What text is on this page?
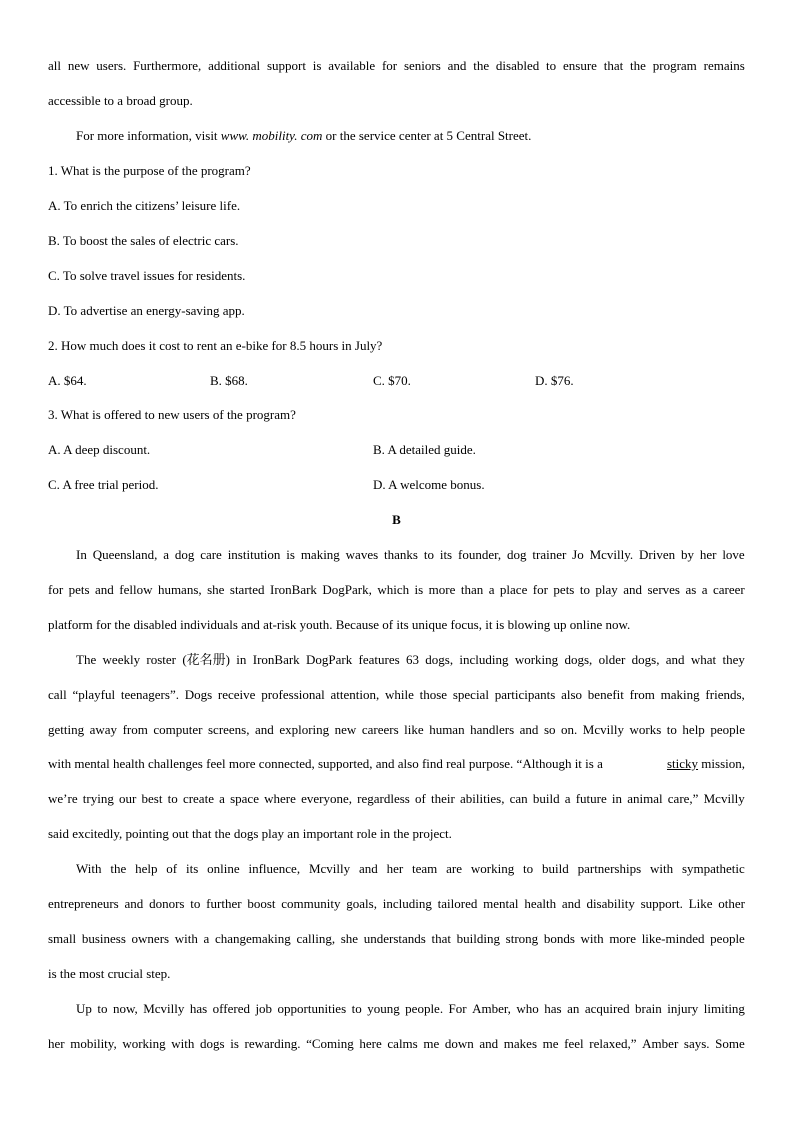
all new users. Furthermore, additional support is available for seniors and the disabled to ensure that the program remains
accessible to a broad group.
For more information, visit www. mobility. com or the service center at 5 Central Street.
1. What is the purpose of the program?
A. To enrich the citizens’ leisure life.
B. To boost the sales of electric cars.
C. To solve travel issues for residents.
D. To advertise an energy-saving app.
2. How much does it cost to rent an e-bike for 8.5 hours in July?
A. $64.	B. $68.	C. $70.	D. $76.
3. What is offered to new users of the program?
A. A deep discount.	B. A detailed guide.
C. A free trial period.	D. A welcome bonus.
B
In Queensland, a dog care institution is making waves thanks to its founder, dog trainer Jo Mcvilly. Driven by her love
for pets and fellow humans, she started IronBark DogPark, which is more than a place for pets to play and serves as a career
platform for the disabled individuals and at-risk youth. Because of its unique focus, it is blowing up online now.
The weekly roster (花名册) in IronBark DogPark features 63 dogs, including working dogs, older dogs, and what they
call “playful teenagers”. Dogs receive professional attention, while those special participants also benefit from making friends,
getting away from computer screens, and exploring new careers like human handlers and so on. Mcvilly works to help people
with mental health challenges feel more connected, supported, and also find real purpose. “Although it is a	sticky mission,
we’re trying our best to create a space where everyone, regardless of their abilities, can build a future in animal care,” Mcvilly
said excitedly, pointing out that the dogs play an important role in the project.
With the help of its online influence, Mcvilly and her team are working to build partnerships with sympathetic
entrepreneurs and donors to further boost community goals, including tailored mental health and disability support. Like other
small business owners with a changemaking calling, she understands that building strong bonds with more like-minded people
is the most crucial step.
Up to now, Mcvilly has offered job opportunities to young people. For Amber, who has an acquired brain injury limiting
her mobility, working with dogs is rewarding. “Coming here calms me down and makes me feel relaxed,” Amber says. Some
